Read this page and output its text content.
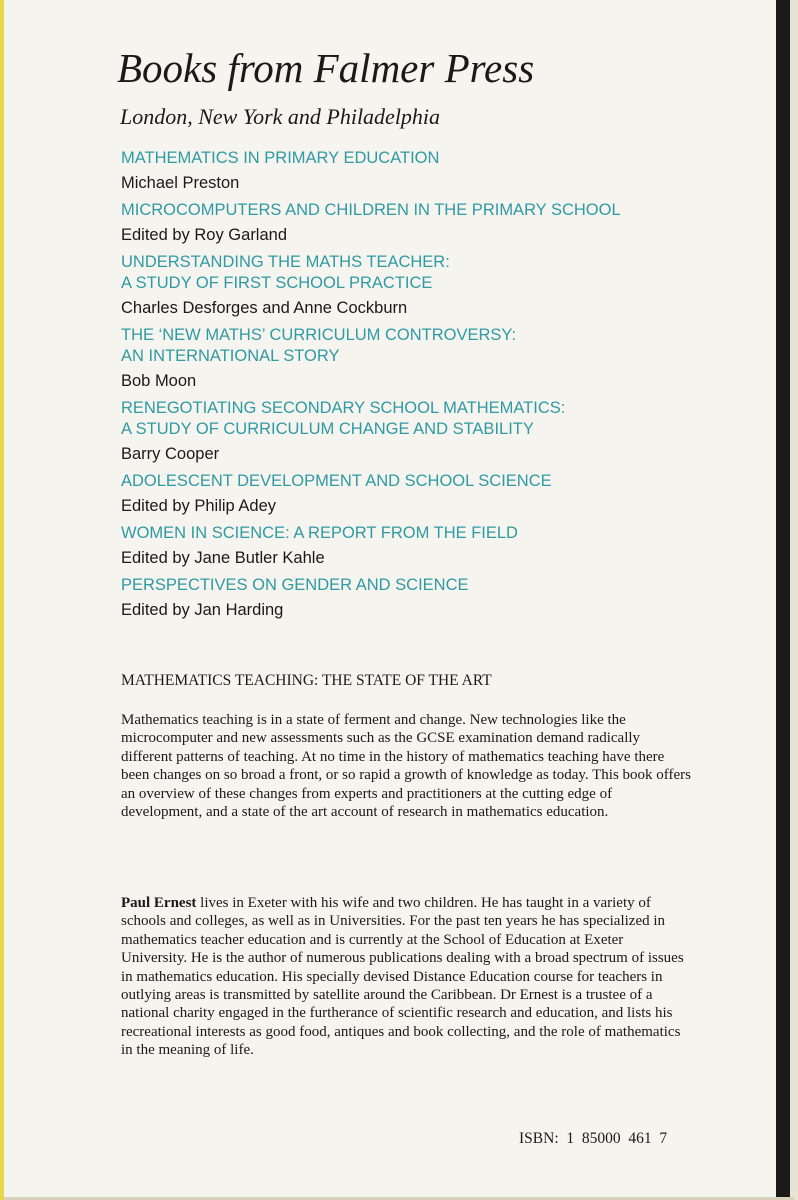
Books from Falmer Press
London, New York and Philadelphia
MATHEMATICS IN PRIMARY EDUCATION
Michael Preston
MICROCOMPUTERS AND CHILDREN IN THE PRIMARY SCHOOL
Edited by Roy Garland
UNDERSTANDING THE MATHS TEACHER:
A STUDY OF FIRST SCHOOL PRACTICE
Charles Desforges and Anne Cockburn
THE ‘NEW MATHS’ CURRICULUM CONTROVERSY:
AN INTERNATIONAL STORY
Bob Moon
RENEGOTIATING SECONDARY SCHOOL MATHEMATICS:
A STUDY OF CURRICULUM CHANGE AND STABILITY
Barry Cooper
ADOLESCENT DEVELOPMENT AND SCHOOL SCIENCE
Edited by Philip Adey
WOMEN IN SCIENCE: A REPORT FROM THE FIELD
Edited by Jane Butler Kahle
PERSPECTIVES ON GENDER AND SCIENCE
Edited by Jan Harding
MATHEMATICS TEACHING: THE STATE OF THE ART

Mathematics teaching is in a state of ferment and change. New technologies like the microcomputer and new assessments such as the GCSE examination demand radically different patterns of teaching. At no time in the history of mathematics teaching have there been changes on so broad a front, or so rapid a growth of knowledge as today. This book offers an overview of these changes from experts and practitioners at the cutting edge of development, and a state of the art account of research in mathematics education.

Paul Ernest lives in Exeter with his wife and two children. He has taught in a variety of schools and colleges, as well as in Universities. For the past ten years he has specialized in mathematics teacher education and is currently at the School of Education at Exeter University. He is the author of numerous publications dealing with a broad spectrum of issues in mathematics education. His specially devised Distance Education course for teachers in outlying areas is transmitted by satellite around the Caribbean. Dr Ernest is a trustee of a national charity engaged in the furtherance of scientific research and education, and lists his recreational interests as good food, antiques and book collecting, and the role of mathematics in the meaning of life.

ISBN:  1  85000  461  7
